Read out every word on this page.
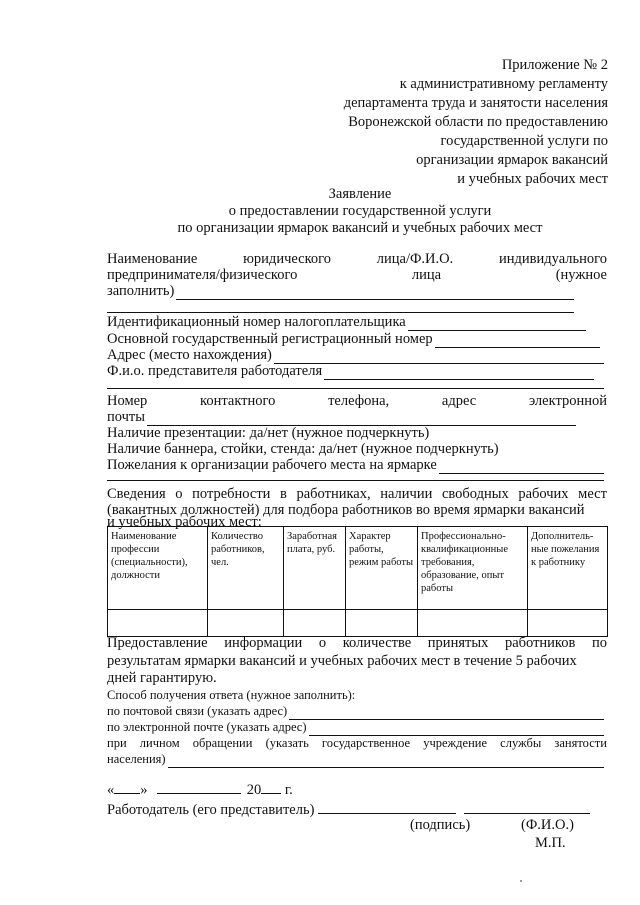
Приложение № 2
к административному регламенту
департамента труда и занятости населения
Воронежской области по предоставлению
государственной услуги по
организации ярмарок вакансий
и учебных рабочих мест
Заявление
о предоставлении государственной услуги
по организации ярмарок вакансий и учебных рабочих мест
Наименование	юридического	лица/Ф.И.О.	индивидуального
предпринимателя/физического	лица	(нужное
заполнить)
Идентификационный номер налогоплательщика
Основной государственный регистрационный номер
Адрес (место нахождения)
Ф.и.о. представителя работодателя
Номер	контактного	телефона,	адрес	электронной
почты
Наличие презентации: да/нет (нужное подчеркнуть)
Наличие баннера, стойки, стенда: да/нет (нужное подчеркнуть)
Пожелания к организации рабочего места на ярмарке
Сведения о потребности в работниках, наличии свободных рабочих мест
(вакантных должностей) для подбора работников во время ярмарки вакансий
и учебных рабочих мест:
Наименование профессии (специальности), должности	Количество работников, чел.	Заработная плата, руб.	Характер работы, режим работы	Профессионально-квалификационные требования, образование, опыт работы	Дополнитель-ные пожелания к работнику

Предоставление информации о количестве принятых работников по
результатам ярмарки вакансий и учебных рабочих мест в течение 5 рабочих
дней гарантирую.
Способ получения ответа (нужное заполнить):
по почтовой связи (указать адрес)
по электронной почте (указать адрес)
при личном обращении (указать государственное учреждение службы занятости
населения)
« »	20 г.
Работодатель (его представитель)
(подпись)	(Ф.И.О.)
М.П.
